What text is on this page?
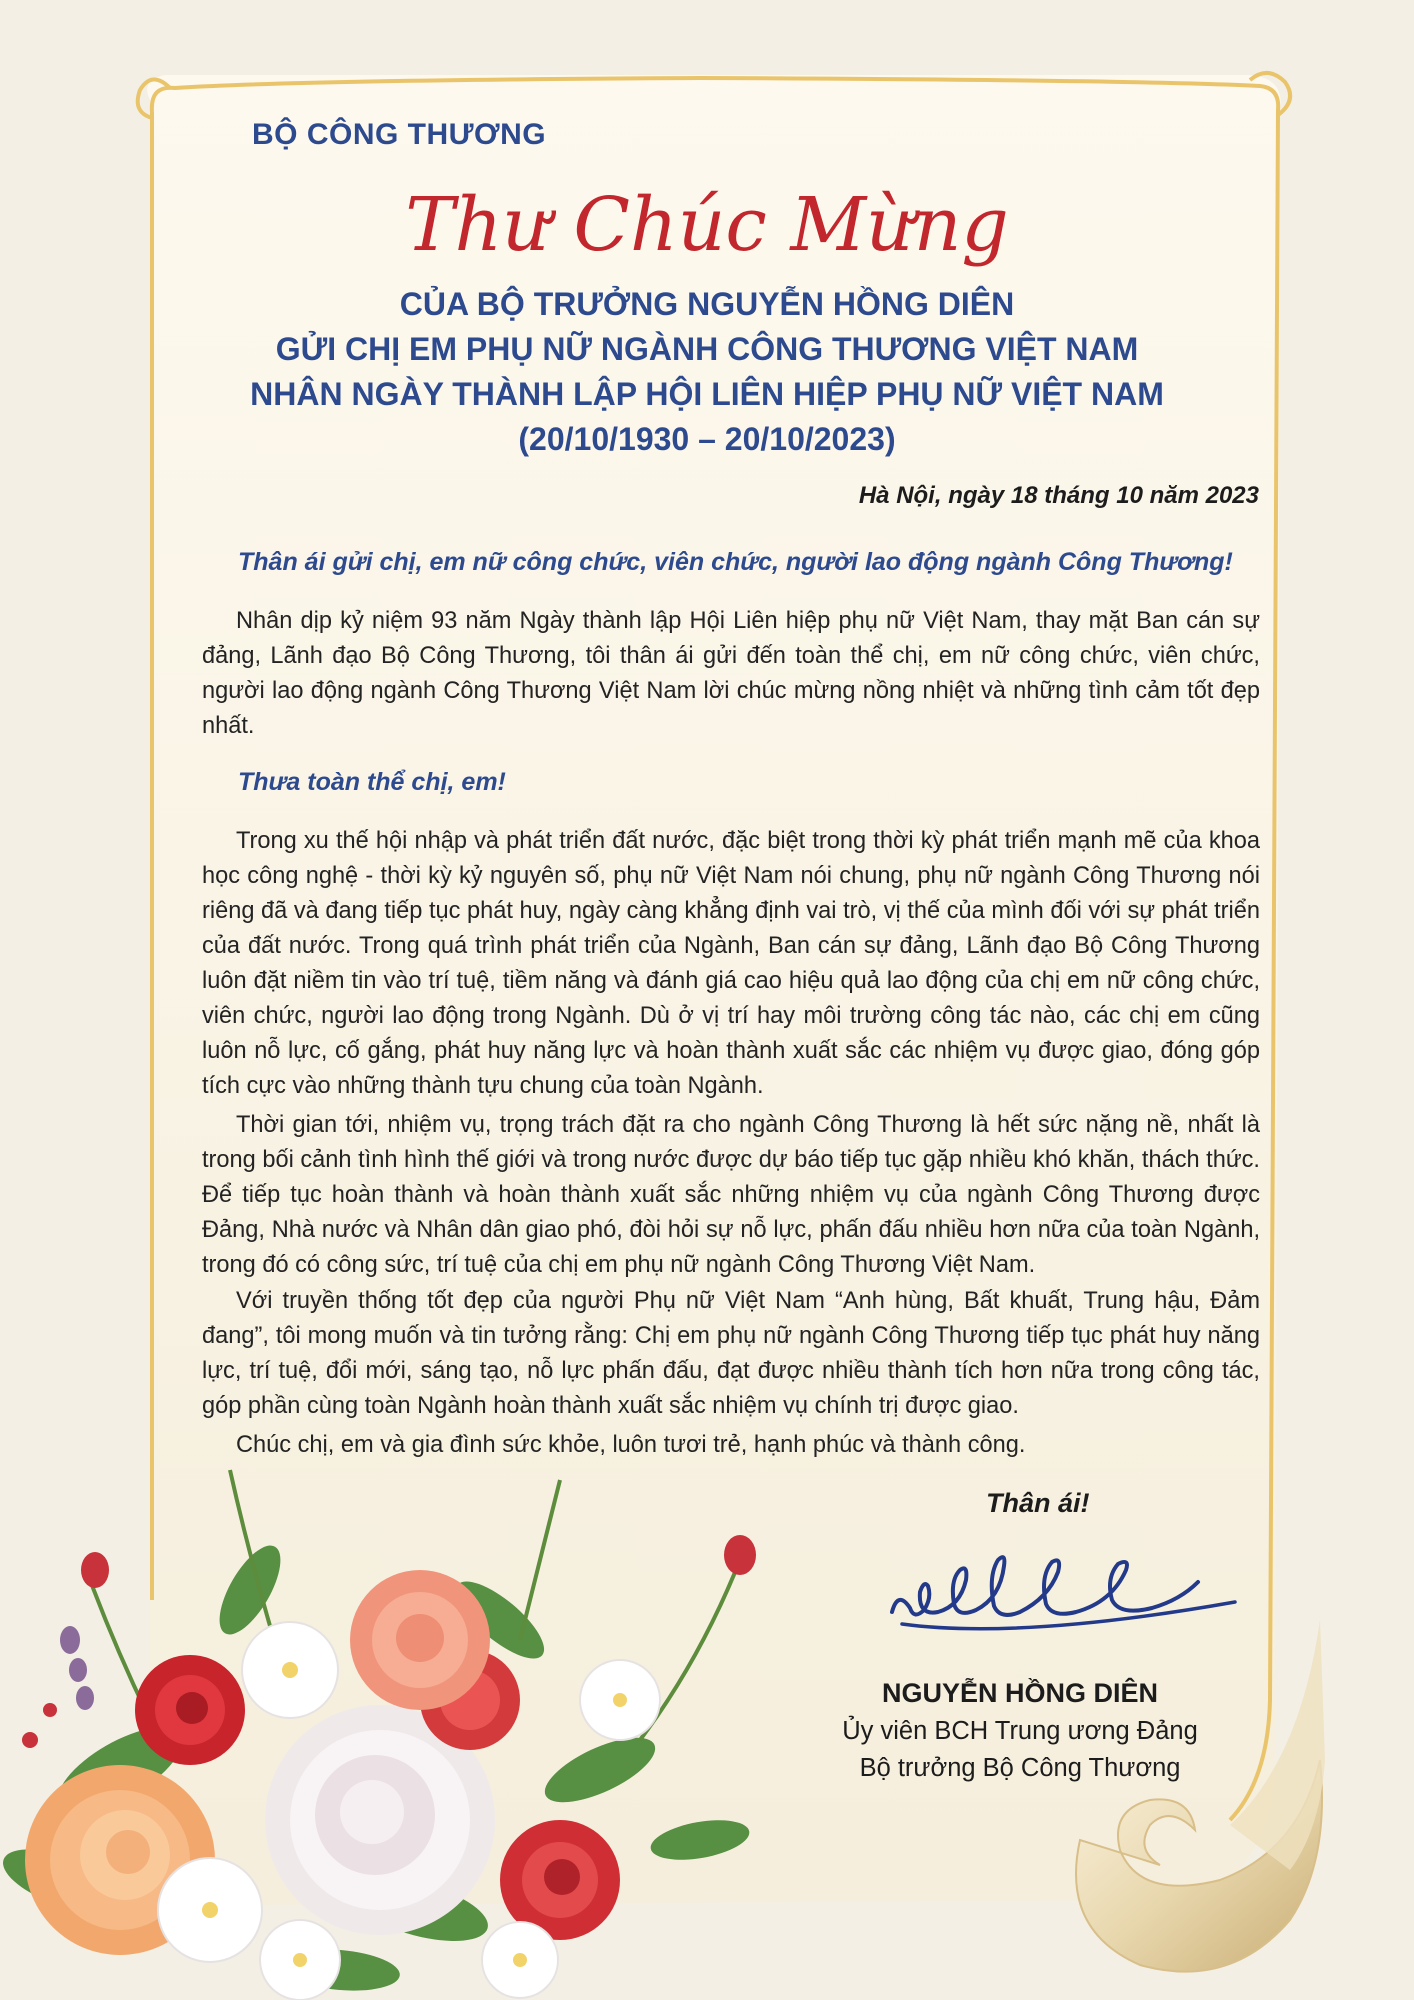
BỘ CÔNG THƯƠNG
Thư Chúc Mừng
CỦA BỘ TRƯỞNG NGUYỄN HỒNG DIÊN
GỬI CHỊ EM PHỤ NỮ NGÀNH CÔNG THƯƠNG VIỆT NAM
NHÂN NGÀY THÀNH LẬP HỘI LIÊN HIỆP PHỤ NỮ VIỆT NAM
(20/10/1930 – 20/10/2023)
Hà Nội, ngày 18 tháng 10 năm 2023
Thân ái gửi chị, em nữ công chức, viên chức, người lao động ngành Công Thương!
Nhân dịp kỷ niệm 93 năm Ngày thành lập Hội Liên hiệp phụ nữ Việt Nam, thay mặt Ban cán sự đảng, Lãnh đạo Bộ Công Thương, tôi thân ái gửi đến toàn thể chị, em nữ công chức, viên chức, người lao động ngành Công Thương Việt Nam lời chúc mừng nồng nhiệt và những tình cảm tốt đẹp nhất.
Thưa toàn thể chị, em!
Trong xu thế hội nhập và phát triển đất nước, đặc biệt trong thời kỳ phát triển mạnh mẽ của khoa học công nghệ - thời kỳ kỷ nguyên số, phụ nữ Việt Nam nói chung, phụ nữ ngành Công Thương nói riêng đã và đang tiếp tục phát huy, ngày càng khẳng định vai trò, vị thế của mình đối với sự phát triển của đất nước. Trong quá trình phát triển của Ngành, Ban cán sự đảng, Lãnh đạo Bộ Công Thương luôn đặt niềm tin vào trí tuệ, tiềm năng và đánh giá cao hiệu quả lao động của chị em nữ công chức, viên chức, người lao động trong Ngành. Dù ở vị trí hay môi trường công tác nào, các chị em cũng luôn nỗ lực, cố gắng, phát huy năng lực và hoàn thành xuất sắc các nhiệm vụ được giao, đóng góp tích cực vào những thành tựu chung của toàn Ngành.
Thời gian tới, nhiệm vụ, trọng trách đặt ra cho ngành Công Thương là hết sức nặng nề, nhất là trong bối cảnh tình hình thế giới và trong nước được dự báo tiếp tục gặp nhiều khó khăn, thách thức. Để tiếp tục hoàn thành và hoàn thành xuất sắc những nhiệm vụ của ngành Công Thương được Đảng, Nhà nước và Nhân dân giao phó, đòi hỏi sự nỗ lực, phấn đấu nhiều hơn nữa của toàn Ngành, trong đó có công sức, trí tuệ của chị em phụ nữ ngành Công Thương Việt Nam.
Với truyền thống tốt đẹp của người Phụ nữ Việt Nam “Anh hùng, Bất khuất, Trung hậu, Đảm đang”, tôi mong muốn và tin tưởng rằng: Chị em phụ nữ ngành Công Thương tiếp tục phát huy năng lực, trí tuệ, đổi mới, sáng tạo, nỗ lực phấn đấu, đạt được nhiều thành tích hơn nữa trong công tác, góp phần cùng toàn Ngành hoàn thành xuất sắc nhiệm vụ chính trị được giao.
Chúc chị, em và gia đình sức khỏe, luôn tươi trẻ, hạnh phúc và thành công.
Thân ái!
NGUYỄN HỒNG DIÊN
Ủy viên BCH Trung ương Đảng
Bộ trưởng Bộ Công Thương
